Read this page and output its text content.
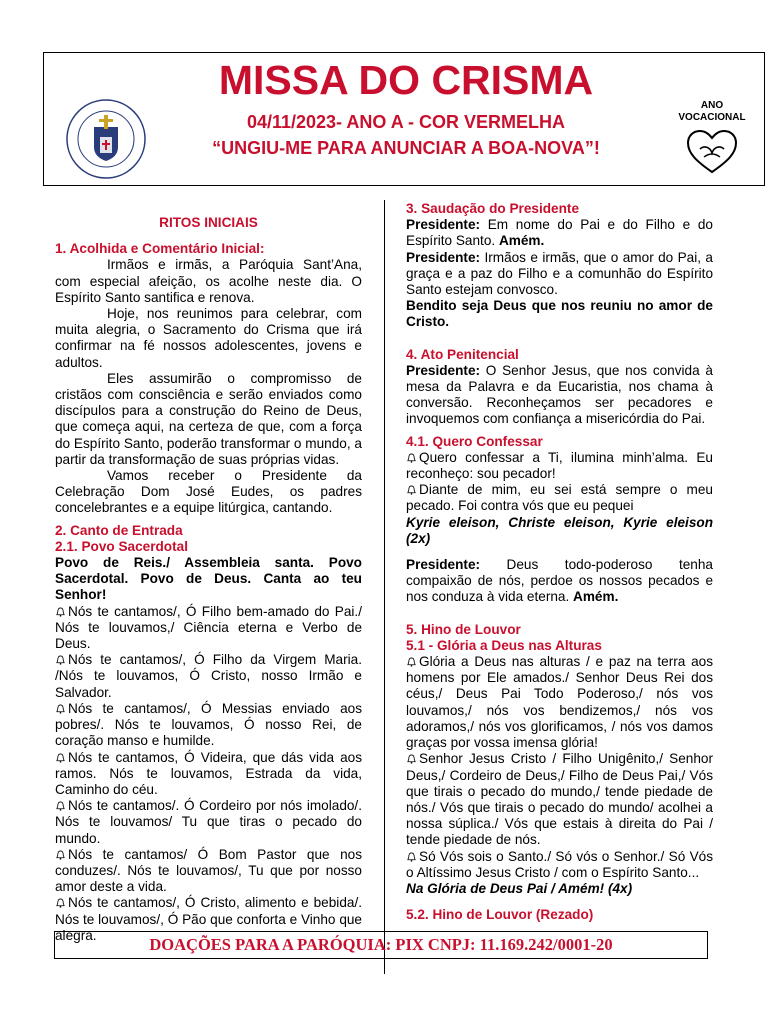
MISSA DO CRISMA
04/11/2023- ANO A - COR VERMELHA
“UNGIU-ME PARA ANUNCIAR A BOA-NOVA”!
ANO
VOCACIONAL

RITOS INICIAIS

1. Acolhida e Comentário Inicial:

Irmãos e irmãs, a Paróquia Sant’Ana, com especial afeição, os acolhe neste dia. O Espírito Santo santifica e renova.

Hoje, nos reunimos para celebrar, com muita alegria, o Sacramento do Crisma que irá confirmar na fé nossos adolescentes, jovens e adultos.

Eles assumirão o compromisso de cristãos com consciência e serão enviados como discípulos para a construção do Reino de Deus, que começa aqui, na certeza de que, com a força do Espírito Santo, poderão transformar o mundo, a partir da transformação de suas próprias vidas.

Vamos receber o Presidente da Celebração Dom José Eudes, os padres concelebrantes e a equipe litúrgica, cantando.

2. Canto de Entrada

2.1. Povo Sacerdotal

Povo de Reis./ Assembleia santa. Povo Sacerdotal. Povo de Deus. Canta ao teu Senhor!

Nós te cantamos/, Ó Filho bem-amado do Pai./ Nós te louvamos,/ Ciência eterna e Verbo de Deus.

Nós te cantamos/, Ó Filho da Virgem Maria. /Nós te louvamos, Ó Cristo, nosso Irmão e Salvador.

Nós te cantamos/, Ó Messias enviado aos pobres/. Nós te louvamos, Ó nosso Rei, de coração manso e humilde.

Nós te cantamos, Ó Videira, que dás vida aos ramos. Nós te louvamos, Estrada da vida, Caminho do céu.

Nós te cantamos/. Ó Cordeiro por nós imolado/. Nós te louvamos/ Tu que tiras o pecado do mundo.

Nós te cantamos/ Ó Bom Pastor que nos conduzes/. Nós te louvamos/, Tu que por nosso amor deste a vida.

Nós te cantamos/, Ó Cristo, alimento e bebida/. Nós te louvamos/, Ó Pão que conforta e Vinho que alegra.

3. Saudação do Presidente

Presidente: Em nome do Pai e do Filho e do Espírito Santo. Amém.

Presidente: Irmãos e irmãs, que o amor do Pai, a graça e a paz do Filho e a comunhão do Espírito Santo estejam convosco.

Bendito seja Deus que nos reuniu no amor de Cristo.

4. Ato Penitencial

Presidente: O Senhor Jesus, que nos convida à mesa da Palavra e da Eucaristia, nos chama à conversão. Reconheçamos ser pecadores e invoquemos com confiança a misericórdia do Pai.

4.1. Quero Confessar

Quero confessar a Ti, ilumina minh’alma. Eu reconheço: sou pecador!

Diante de mim, eu sei está sempre o meu pecado. Foi contra vós que eu pequei

Kyrie eleison, Christe eleison, Kyrie eleison (2x)

Presidente: Deus todo-poderoso tenha compaixão de nós, perdoe os nossos pecados e nos conduza à vida eterna. Amém.

5. Hino de Louvor

5.1 - Glória a Deus nas Alturas

Glória a Deus nas alturas / e paz na terra aos homens por Ele amados./ Senhor Deus Rei dos céus,/ Deus Pai Todo Poderoso,/ nós vos louvamos,/ nós vos bendizemos,/ nós vos adoramos,/ nós vos glorificamos, / nós vos damos graças por vossa imensa glória!

Senhor Jesus Cristo / Filho Unigênito,/ Senhor Deus,/ Cordeiro de Deus,/ Filho de Deus Pai,/ Vós que tirais o pecado do mundo,/ tende piedade de nós./ Vós que tirais o pecado do mundo/ acolhei a nossa súplica./ Vós que estais à direita do Pai / tende piedade de nós.

Só Vós sois o Santo./ Só vós o Senhor./ Só Vós o Altíssimo Jesus Cristo / com o Espírito Santo...

Na Glória de Deus Pai / Amém! (4x)

5.2. Hino de Louvor (Rezado)

DOAÇÕES PARA A PARÓQUIA: PIX CNPJ: 11.169.242/0001-20
